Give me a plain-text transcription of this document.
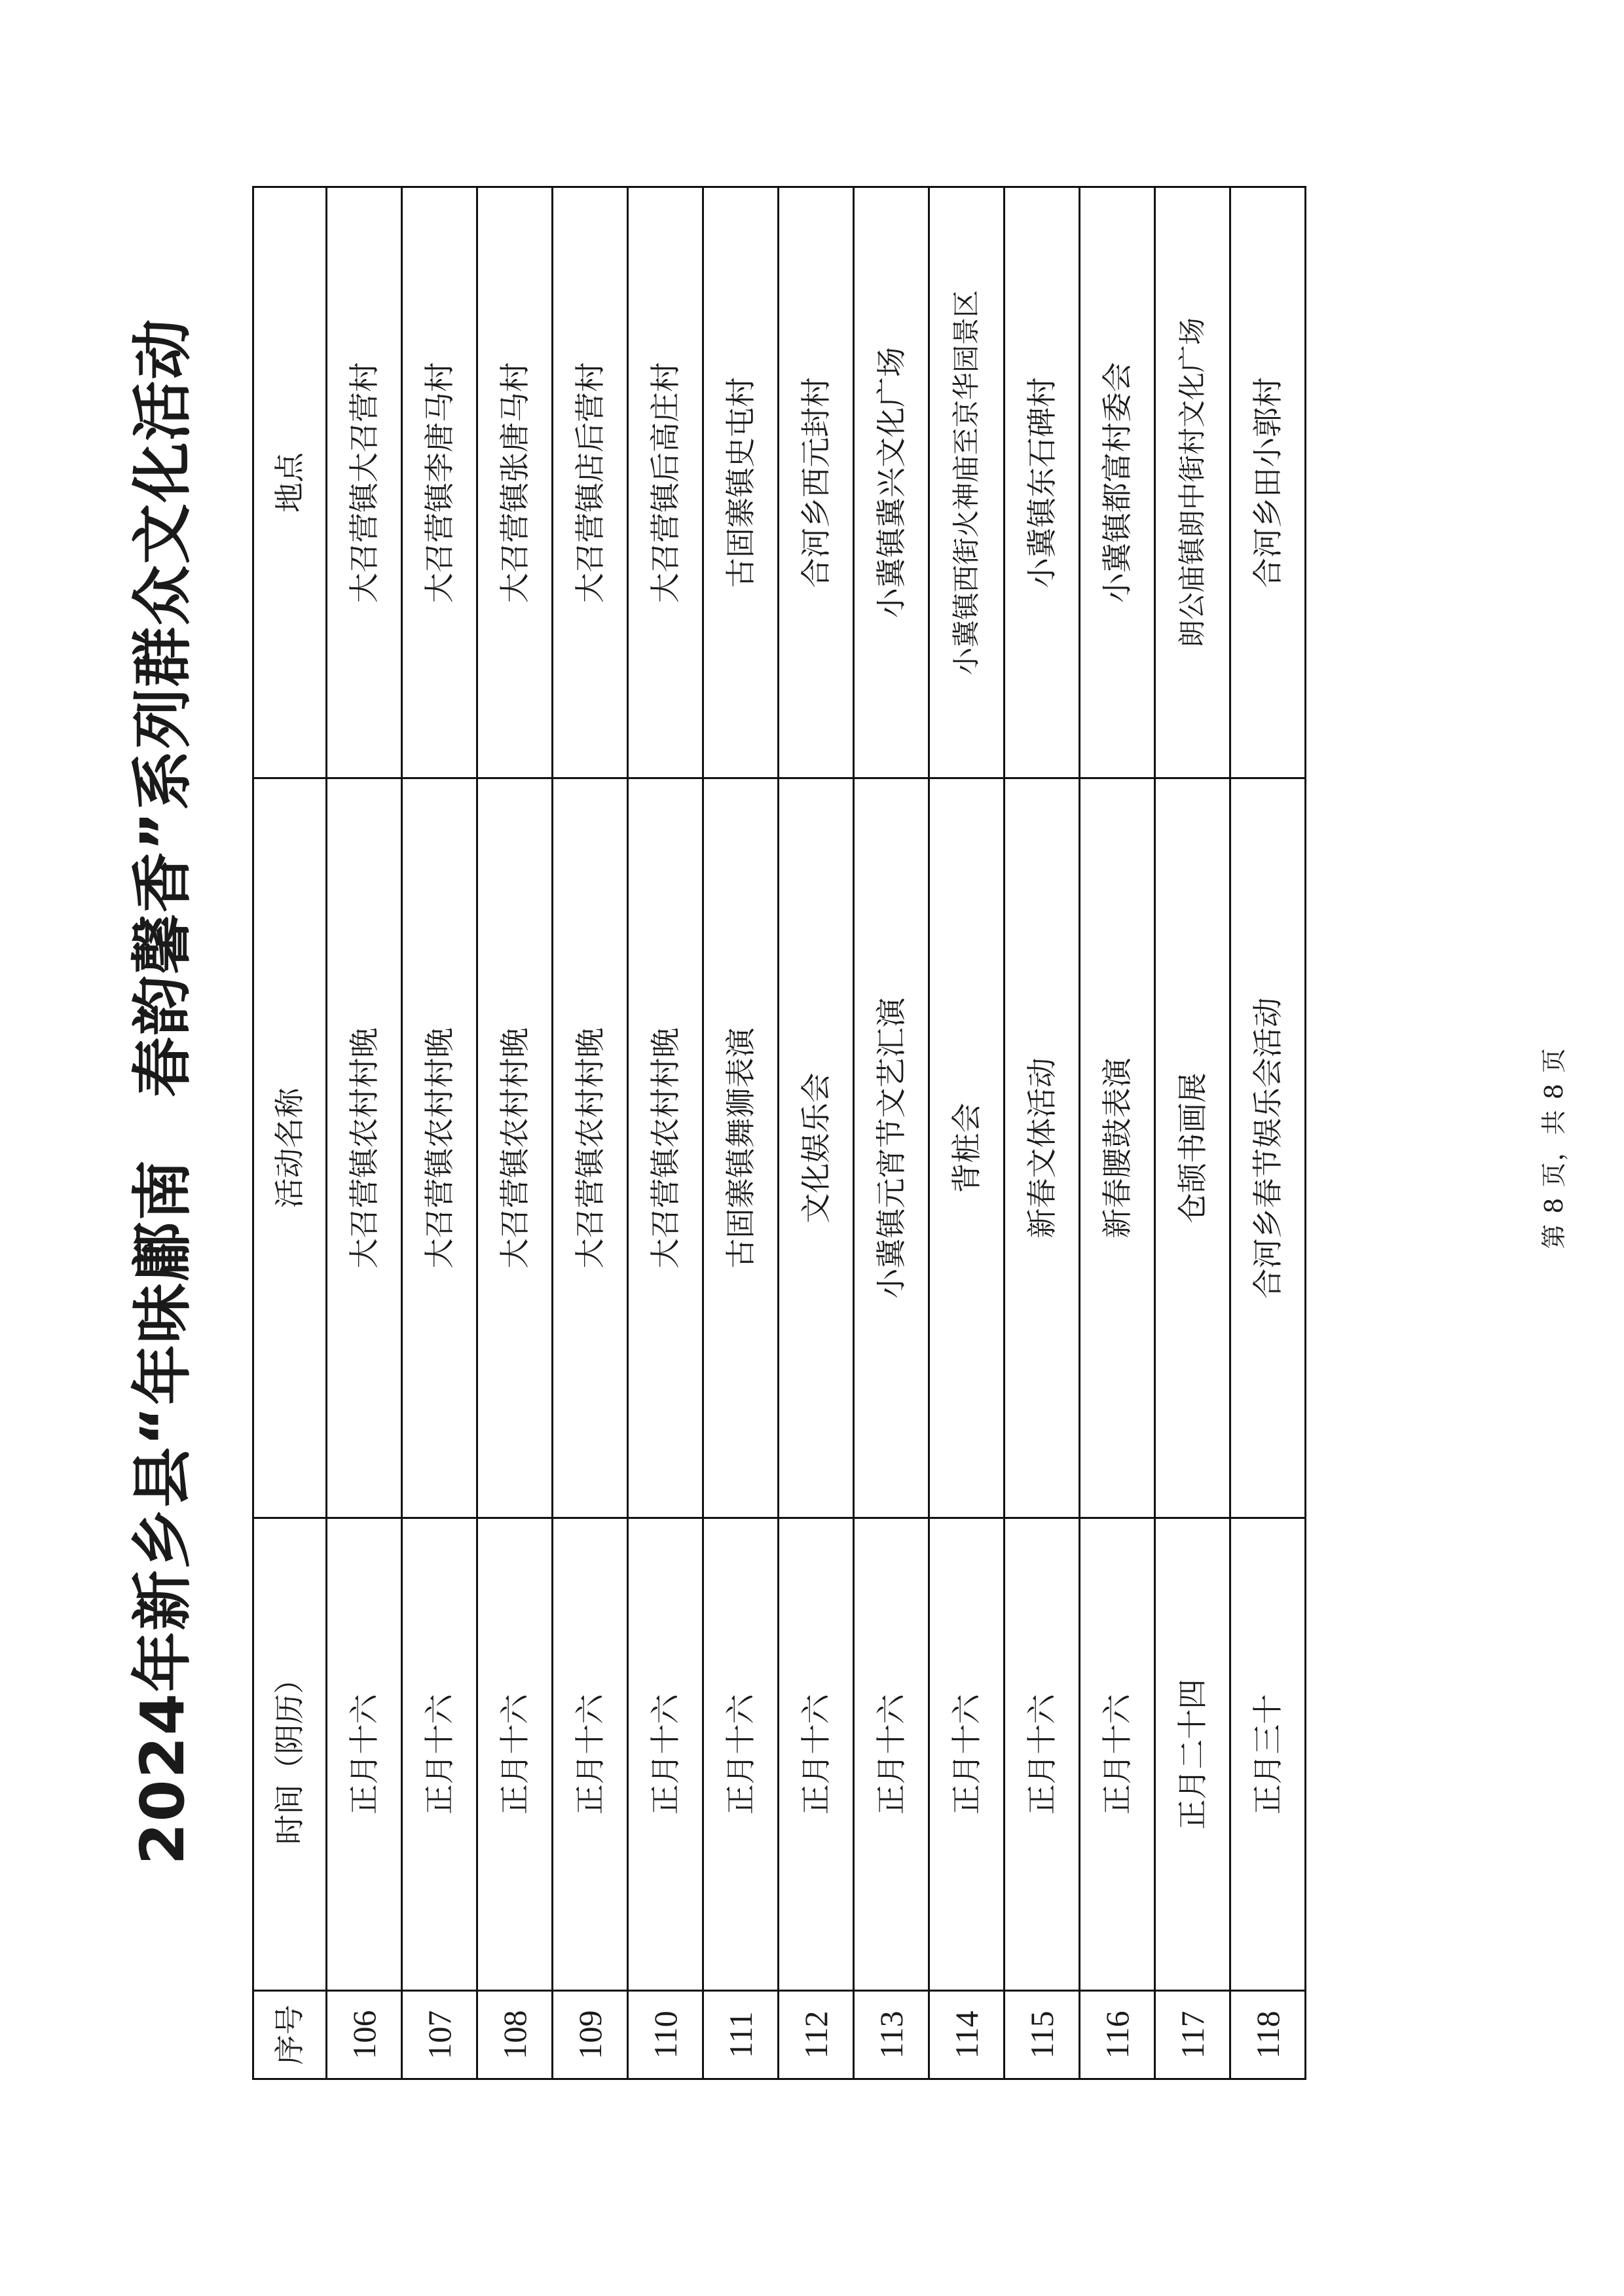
2024年新乡县“年味鄘南　春韵馨香”系列群众文化活动
序号	时间（阴历）	活动名称	地点
106	正月十六	大召营镇农村村晚	大召营镇大召营村
107	正月十六	大召营镇农村村晚	大召营镇李唐马村
108	正月十六	大召营镇农村村晚	大召营镇张唐马村
109	正月十六	大召营镇农村村晚	大召营镇店后营村
110	正月十六	大召营镇农村村晚	大召营镇后高庄村
111	正月十六	古固寨镇舞狮表演	古固寨镇史屯村
112	正月十六	文化娱乐会	合河乡西元封村
113	正月十六	小冀镇元宵节文艺汇演	小冀镇冀兴文化广场
114	正月十六	背桩会	小冀镇西街火神庙至京华园景区
115	正月十六	新春文体活动	小冀镇东石碑村
116	正月十六	新春腰鼓表演	小冀镇都富村委会
117	正月二十四	仓颉书画展	朗公庙镇朗中街村文化广场
118	正月三十	合河乡春节娱乐会活动	合河乡田小郭村
第 8 页，共 8 页
